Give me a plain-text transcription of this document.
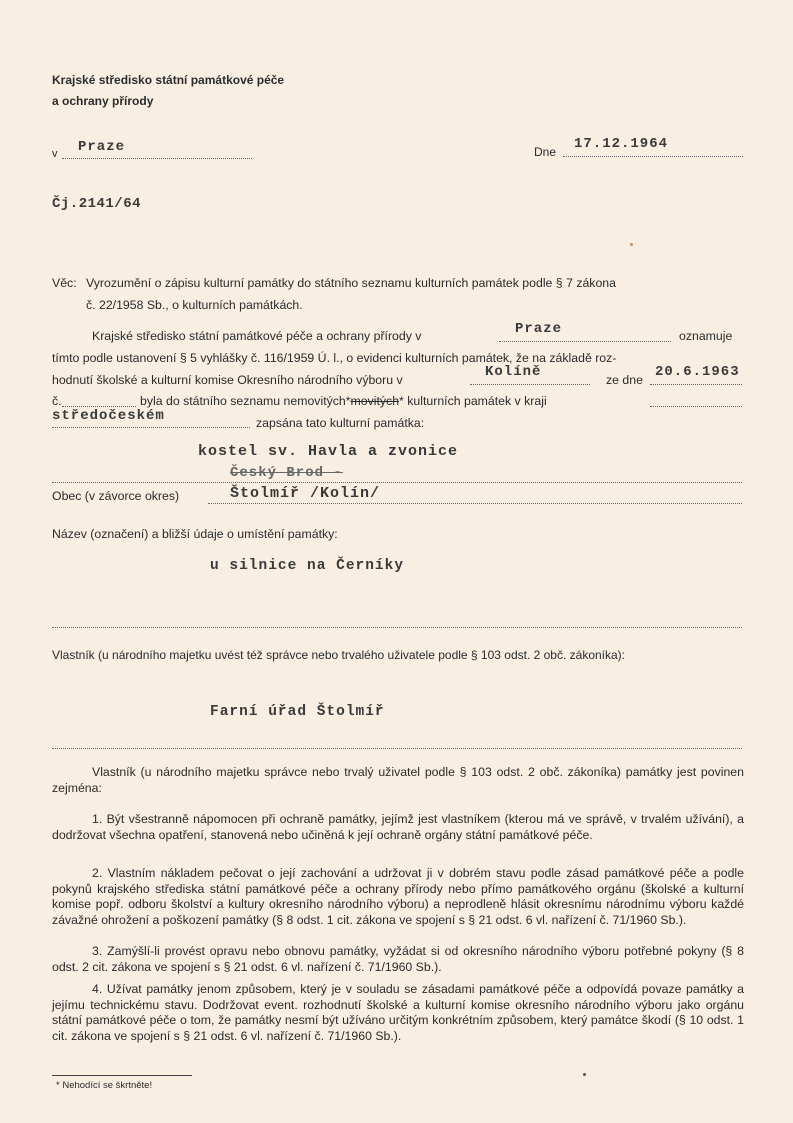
Krajské středisko státní památkové péče
a ochrany přírody
v Praze	Dne 17.12.1964
Čj.2141/64
Věc: Vyrozumění o zápisu kulturní památky do státního seznamu kulturních památek podle § 7 zákona
č. 22/1958 Sb., o kulturních památkách.
Krajské středisko státní památkové péče a ochrany přírody v	Praze	oznamuje
tímto podle ustanovení § 5 vyhlášky č. 116/1959 Ú. l., o evidenci kulturních památek, že na základě roz-
hodnutí školské a kulturní komise Okresního národního výboru v	Kolíně	ze dne 20.6.1963
č.	byla do státního seznamu nemovitých*movitých* kulturních památek v kraji
středočeském	zapsána tato kulturní památka:
kostel sv. Havla a zvonice
Český Brod -
Obec (v závorce okres)	Štolmíř /Kolín/
Název (označení) a bližší údaje o umístění památky:
u silnice na Černíky
Vlastník (u národního majetku uvést též správce nebo trvalého uživatele podle § 103 odst. 2 obč. zákoníka):
Farní úřad Štolmíř
Vlastník (u národního majetku správce nebo trvalý uživatel podle § 103 odst. 2 obč. zákoníka) památky jest povinen zejména:
1. Být všestranně nápomocen při ochraně památky, jejímž jest vlastníkem (kterou má ve správě, v trvalém užívání), a dodržovat všechna opatření, stanovená nebo učiněná k její ochraně orgány státní památkové péče.
2. Vlastním nákladem pečovat o její zachování a udržovat ji v dobrém stavu podle zásad památkové péče a podle pokynů krajského střediska státní památkové péče a ochrany přírody nebo přímo památkového orgánu (školské a kulturní komise popř. odboru školství a kultury okresního národního výboru) a neprodleně hlásit okresnímu národnímu výboru každé závažné ohrožení a poškození památky (§ 8 odst. 1 cit. zákona ve spojení s § 21 odst. 6 vl. nařízení č. 71/1960 Sb.).
3. Zamýšlí-li provést opravu nebo obnovu památky, vyžádat si od okresního národního výboru potřebné pokyny (§ 8 odst. 2 cit. zákona ve spojení s § 21 odst. 6 vl. nařízení č. 71/1960 Sb.).
4. Užívat památky jenom způsobem, který je v souladu se zásadami památkové péče a odpovídá povaze památky a jejímu technickému stavu. Dodržovat event. rozhodnutí školské a kulturní komise okresního národního výboru jako orgánu státní památkové péče o tom, že památky nesmí být užíváno určitým konkrétním způsobem, který památce škodí (§ 10 odst. 1 cit. zákona ve spojení s § 21 odst. 6 vl. nařízení č. 71/1960 Sb.).
* Nehodící se škrtněte!
